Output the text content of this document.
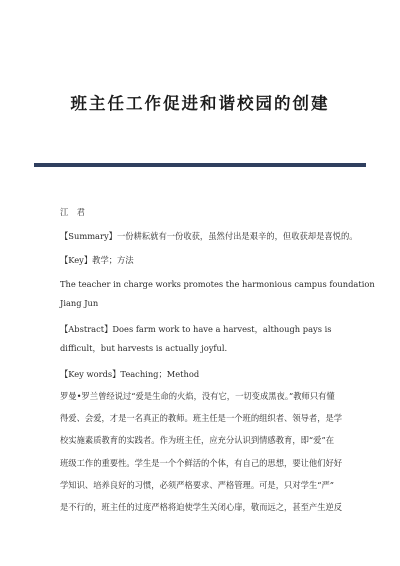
班主任工作促进和谐校园的创建
江　君
【Summary】一份耕耘就有一份收获，虽然付出是艰辛的，但收获却是喜悦的。
【Key】教学；方法
The teacher in charge works promotes the harmonious campus foundation
Jiang Jun
【Abstract】Does farm work to have a harvest，although pays is
difficult，but harvests is actually joyful.
【Key words】Teaching；Method
罗曼•罗兰曾经说过“爱是生命的火焰，没有它，一切变成黑夜。”教师只有懂
得爱、会爱，才是一名真正的教师。班主任是一个班的组织者、领导者，是学
校实施素质教育的实践者。作为班主任，应充分认识到情感教育，即“爱”在
班级工作的重要性。学生是一个个鲜活的个体，有自己的思想，要让他们好好
学知识、培养良好的习惯，必须严格要求、严格管理。可是，只对学生“严”
是不行的，班主任的过度严格将迫使学生关闭心扉，敬而远之，甚至产生逆反
